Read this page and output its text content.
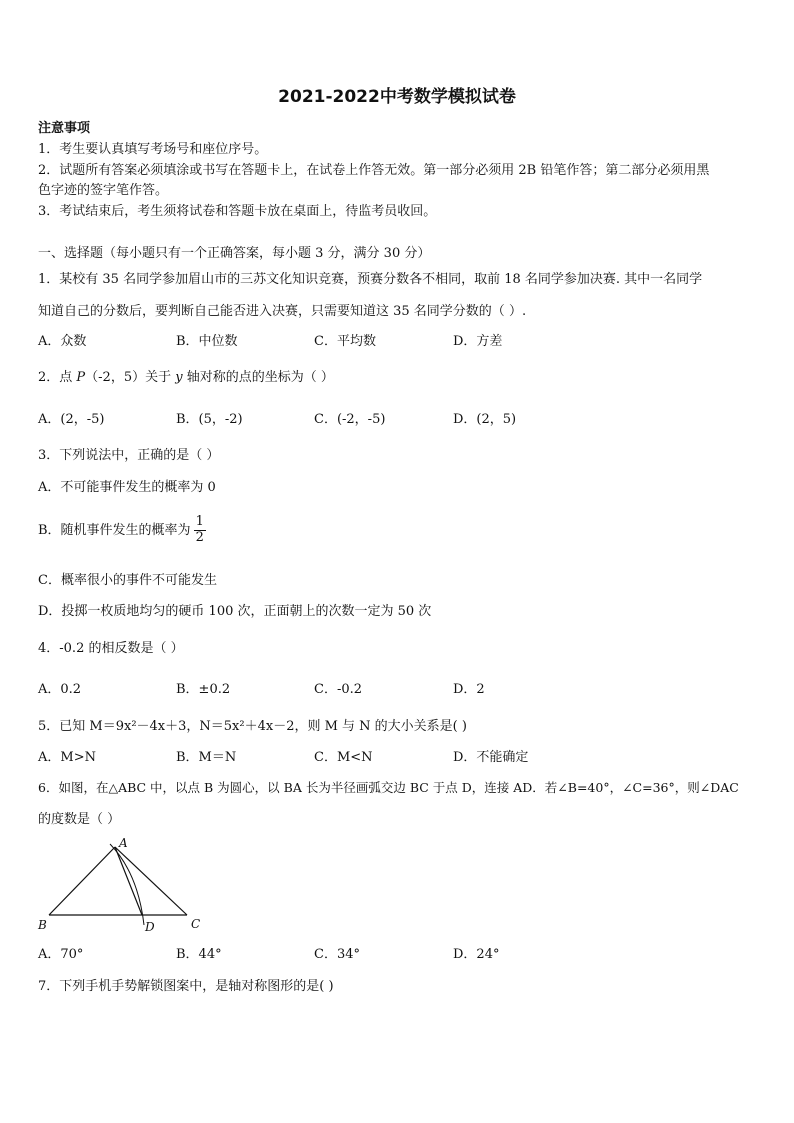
2021-2022中考数学模拟试卷
注意事项
1．考生要认真填写考场号和座位序号。
2．试题所有答案必须填涂或书写在答题卡上，在试卷上作答无效。第一部分必须用 2B 铅笔作答；第二部分必须用黑
色字迹的签字笔作答。
3．考试结束后，考生须将试卷和答题卡放在桌面上，待监考员收回。
一、选择题（每小题只有一个正确答案，每小题 3 分，满分 30 分）
1．某校有 35 名同学参加眉山市的三苏文化知识竞赛，预赛分数各不相同，取前 18 名同学参加决赛. 其中一名同学
知道自己的分数后，要判断自己能否进入决赛，只需要知道这 35 名同学分数的（ ）.
A．众数	B．中位数	C．平均数	D．方差
2．点 P（-2，5）关于 y 轴对称的点的坐标为（ ）
A．(2，-5)	B．(5，-2)	C．(-2，-5)	D．(2，5)
3．下列说法中，正确的是（ ）
A．不可能事件发生的概率为 0
B．随机事件发生的概率为 $\frac{1}{2}$
C．概率很小的事件不可能发生
D．投掷一枚质地均匀的硬币 100 次，正面朝上的次数一定为 50 次
4．-0.2 的相反数是（ ）
A．0.2	B．±0.2	C．-0.2	D．2
5．已知 M＝9x²－4x＋3，N＝5x²＋4x－2，则 M 与 N 的大小关系是( )
A．M>N	B．M＝N	C．M<N	D．不能确定
6．如图，在△ABC 中，以点 B 为圆心，以 BA 长为半径画弧交边 BC 于点 D，连接 AD．若∠B=40°，∠C=36°，则∠DAC
的度数是（ ）
A
B	C
D
A．70°	B．44°	C．34°	D．24°
7．下列手机手势解锁图案中，是轴对称图形的是( )
